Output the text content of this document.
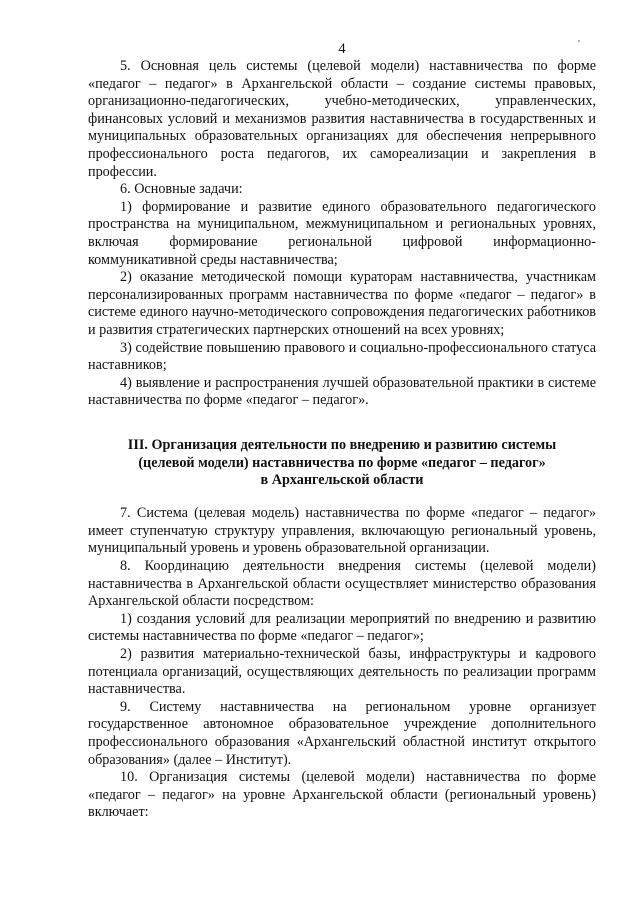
4

5. Основная цель системы (целевой модели) наставничества по форме «педагог – педагог» в Архангельской области – создание системы правовых, организационно-педагогических, учебно-методических, управленческих, финансовых условий и механизмов развития наставничества в государственных и муниципальных образовательных организациях для обеспечения непрерывного профессионального роста педагогов, их самореализации и закрепления в профессии.

6. Основные задачи:

1) формирование и развитие единого образовательного педагогического пространства на муниципальном, межмуниципальном и региональных уровнях, включая формирование региональной цифровой информационно-коммуникативной среды наставничества;

2) оказание методической помощи кураторам наставничества, участникам персонализированных программ наставничества по форме «педагог – педагог» в системе единого научно-методического сопровождения педагогических работников и развития стратегических партнерских отношений на всех уровнях;

3) содействие повышению правового и социально-профессионального статуса наставников;

4) выявление и распространения лучшей образовательной практики в системе наставничества по форме «педагог – педагог».

III. Организация деятельности по внедрению и развитию системы
(целевой модели) наставничества по форме «педагог – педагог»
в Архангельской области

7. Система (целевая модель) наставничества по форме «педагог – педагог» имеет ступенчатую структуру управления, включающую региональный уровень, муниципальный уровень и уровень образовательной организации.

8. Координацию деятельности внедрения системы (целевой модели) наставничества в Архангельской области осуществляет министерство образования Архангельской области посредством:

1) создания условий для реализации мероприятий по внедрению и развитию системы наставничества по форме «педагог – педагог»;

2) развития материально-технической базы, инфраструктуры и кадрового потенциала организаций, осуществляющих деятельность по реализации программ наставничества.

9. Систему наставничества на региональном уровне организует государственное автономное образовательное учреждение дополнительного профессионального образования «Архангельский областной институт открытого образования» (далее – Институт).

10. Организация системы (целевой модели) наставничества по форме «педагог – педагог» на уровне Архангельской области (региональный уровень) включает:
